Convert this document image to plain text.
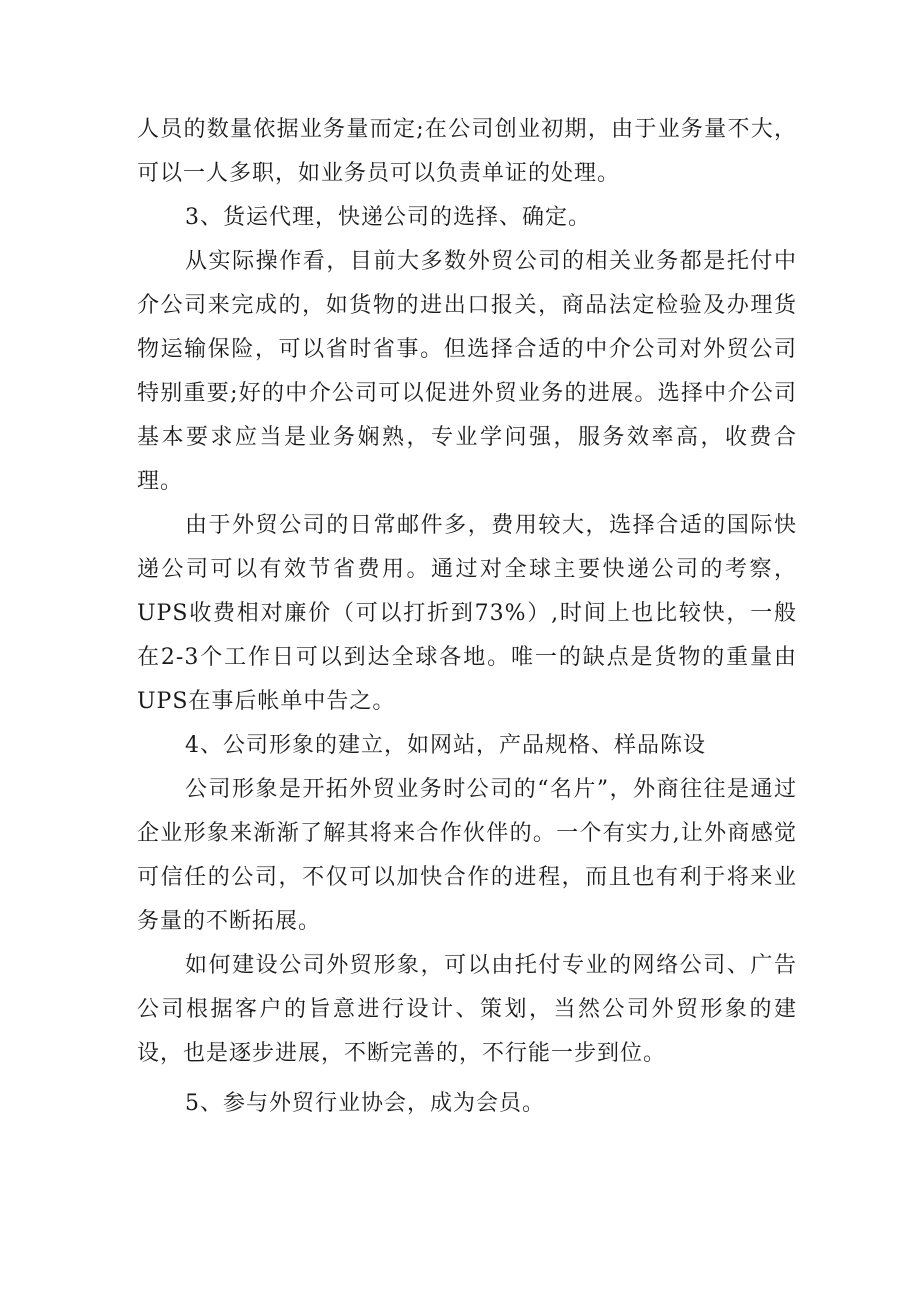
人员的数量依据业务量而定;在公司创业初期，由于业务量不大，可以一人多职，如业务员可以负责单证的处理。

3、货运代理，快递公司的选择、确定。

从实际操作看，目前大多数外贸公司的相关业务都是托付中介公司来完成的，如货物的进出口报关，商品法定检验及办理货物运输保险，可以省时省事。但选择合适的中介公司对外贸公司特别重要;好的中介公司可以促进外贸业务的进展。选择中介公司基本要求应当是业务娴熟，专业学问强，服务效率高，收费合理。

由于外贸公司的日常邮件多，费用较大，选择合适的国际快递公司可以有效节省费用。通过对全球主要快递公司的考察，UPS收费相对廉价（可以打折到73%）,时间上也比较快，一般在2-3个工作日可以到达全球各地。唯一的缺点是货物的重量由UPS在事后帐单中告之。

4、公司形象的建立，如网站，产品规格、样品陈设

公司形象是开拓外贸业务时公司的“名片”，外商往往是通过企业形象来渐渐了解其将来合作伙伴的。一个有实力,让外商感觉可信任的公司，不仅可以加快合作的进程，而且也有利于将来业务量的不断拓展。

如何建设公司外贸形象，可以由托付专业的网络公司、广告公司根据客户的旨意进行设计、策划，当然公司外贸形象的建设，也是逐步进展，不断完善的，不行能一步到位。

5、参与外贸行业协会，成为会员。
